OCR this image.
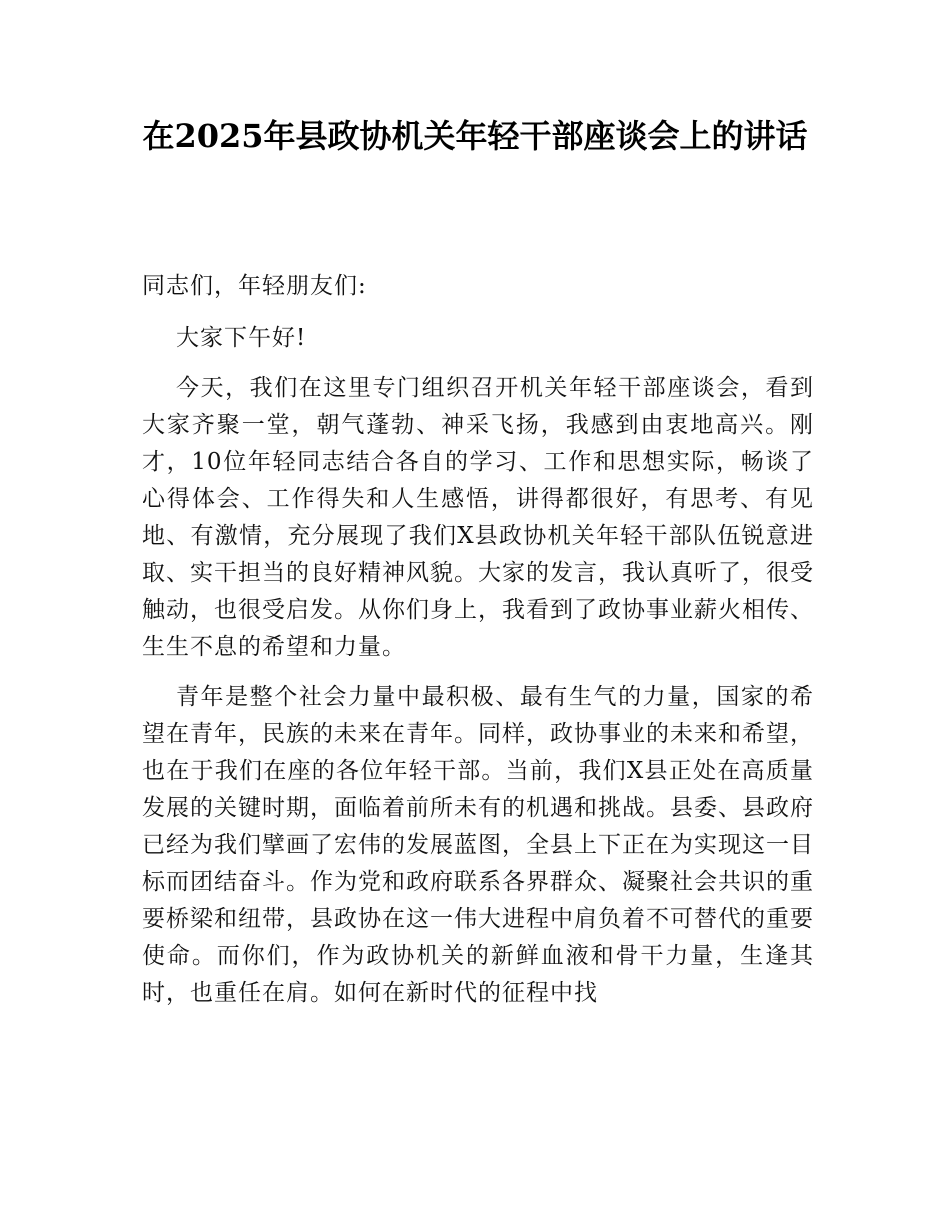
在2025年县政协机关年轻干部座谈会上的讲话

同志们，年轻朋友们:

大家下午好!

今天，我们在这里专门组织召开机关年轻干部座谈会，看到大家齐聚一堂，朝气蓬勃、神采飞扬，我感到由衷地高兴。刚才，10位年轻同志结合各自的学习、工作和思想实际，畅谈了心得体会、工作得失和人生感悟，讲得都很好，有思考、有见地、有激情，充分展现了我们X县政协机关年轻干部队伍锐意进取、实干担当的良好精神风貌。大家的发言，我认真听了，很受触动，也很受启发。从你们身上，我看到了政协事业薪火相传、生生不息的希望和力量。

青年是整个社会力量中最积极、最有生气的力量，国家的希望在青年，民族的未来在青年。同样，政协事业的未来和希望，也在于我们在座的各位年轻干部。当前，我们X县正处在高质量发展的关键时期，面临着前所未有的机遇和挑战。县委、县政府已经为我们擘画了宏伟的发展蓝图，全县上下正在为实现这一目标而团结奋斗。作为党和政府联系各界群众、凝聚社会共识的重要桥梁和纽带，县政协在这一伟大进程中肩负着不可替代的重要使命。而你们，作为政协机关的新鲜血液和骨干力量，生逢其时，也重任在肩。如何在新时代的征程中找
